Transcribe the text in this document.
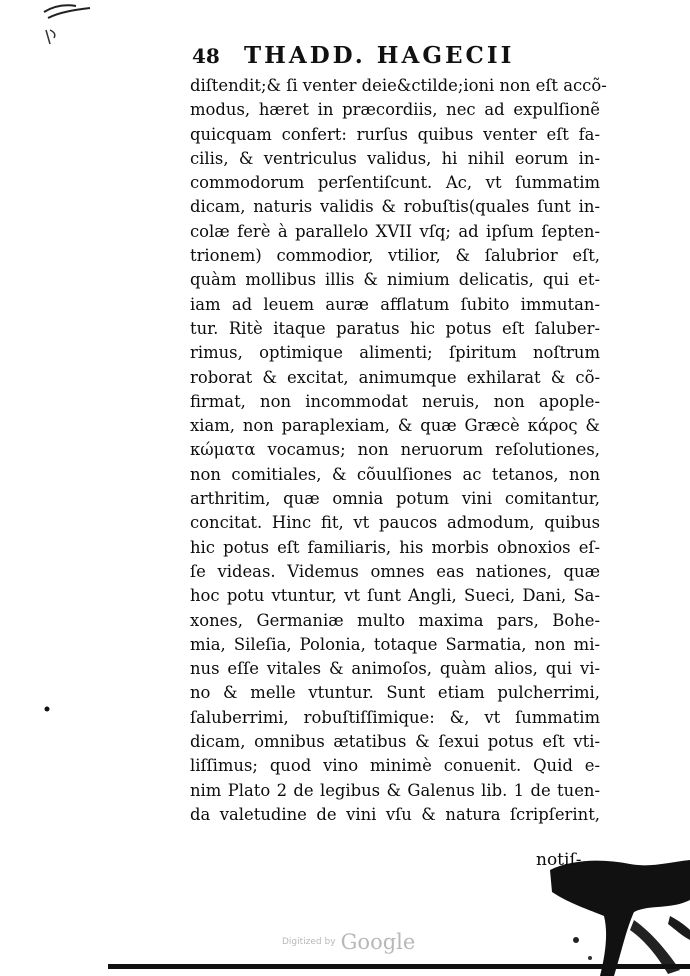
48 THADD. HAGECII
diſtendit;& ſi venter deie&ctilde;ioni non eſt accõ-
modus, hæret in præcordiis, nec ad expulſionẽ
quicquam confert: rurſus quibus venter eſt fa-
cilis, & ventriculus validus, hi nihil eorum in-
commodorum perſentiſcunt. Ac, vt ſummatim
dicam, naturis validis & robuſtis(quales ſunt in-
colæ ferè à parallelo XVII vſq; ad ipſum ſepten-
trionem) commodior, vtilior, & ſalubrior eſt,
quàm mollibus illis & nimium delicatis, qui et-
iam ad leuem auræ afflatum ſubito immutan-
tur. Ritè itaque paratus hic potus eſt ſaluber-
rimus, optimique alimenti; ſpiritum noſtrum
roborat & excitat, animumque exhilarat & cõ-
firmat, non incommodat neruis, non apople-
xiam, non paraplexiam, & quæ Græcè κάρος &
κώματα vocamus; non neruorum reſolutiones,
non comitiales, & cõuulſiones ac tetanos, non
arthritim, quæ omnia potum vini comitantur,
concitat. Hinc fit, vt paucos admodum, quibus
hic potus eſt familiaris, his morbis obnoxios eſ-
ſe videas. Videmus omnes eas nationes, quæ
hoc potu vtuntur, vt ſunt Angli, Sueci, Dani, Sa-
xones, Germaniæ multo maxima pars, Bohe-
mia, Sileſia, Polonia, totaque Sarmatia, non mi-
nus eſſe vitales & animoſos, quàm alios, qui vi-
no & melle vtuntur. Sunt etiam pulcherrimi,
ſaluberrimi, robuſtiſſimique: &, vt ſummatim
dicam, omnibus ætatibus & ſexui potus eſt vti-
liſſimus; quod vino minimè conuenit. Quid e-
nim Plato 2 de legibus & Galenus lib. 1 de tuen-
da valetudine de vini vſu & natura ſcripſerint,
notiſ-
Digitized by Google
